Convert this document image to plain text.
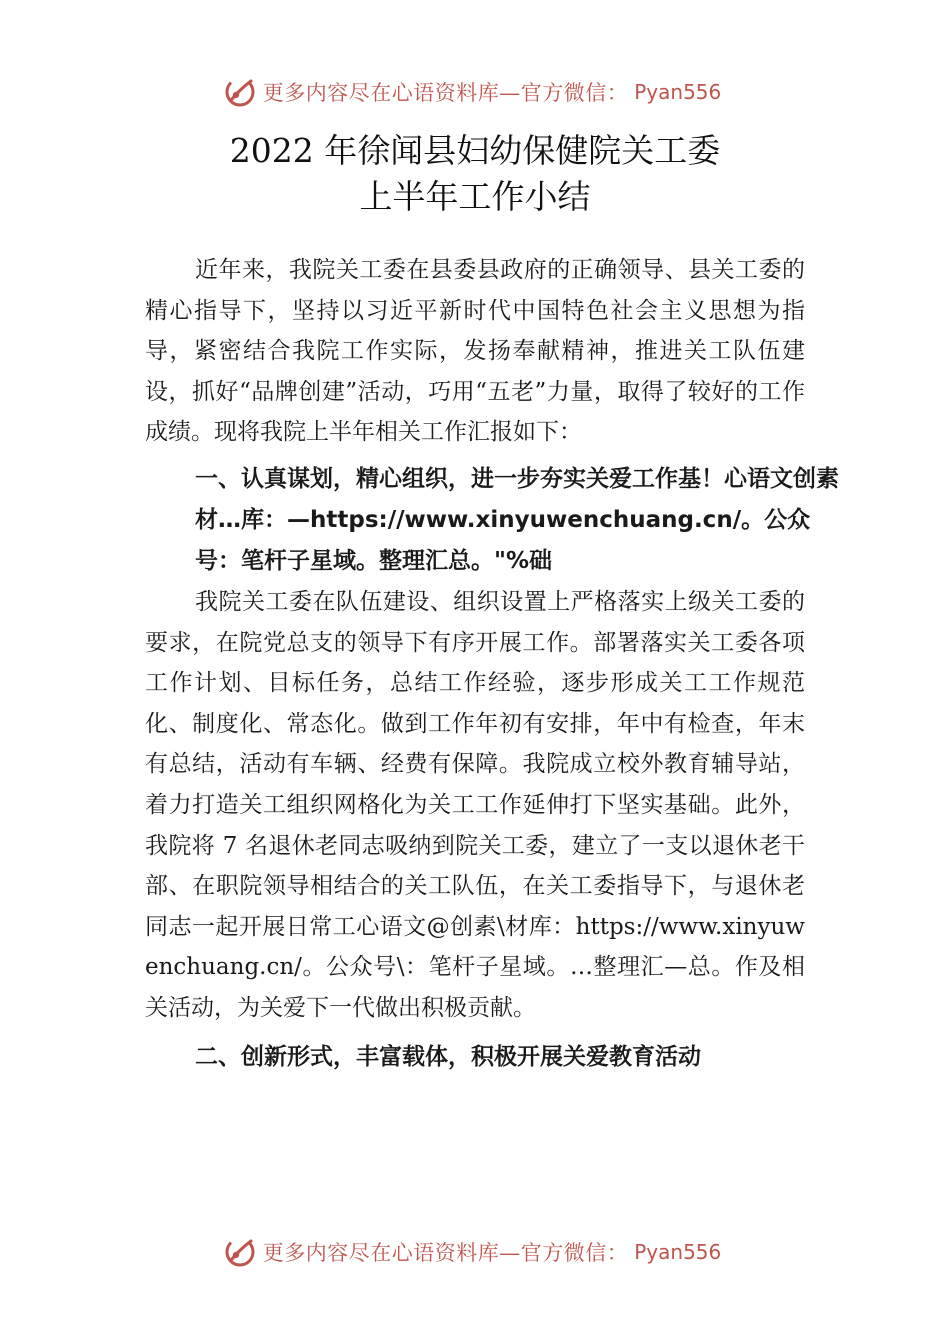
更多内容尽在心语资料库—官方微信： Pyan556
2022 年徐闻县妇幼保健院关工委
上半年工作小结

近年来，我院关工委在县委县政府的正确领导、县关工委的精心指导下，坚持以习近平新时代中国特色社会主义思想为指导，紧密结合我院工作实际，发扬奉献精神，推进关工队伍建设，抓好“品牌创建”活动，巧用“五老”力量，取得了较好的工作成绩。现将我院上半年相关工作汇报如下：

一、认真谋划，精心组织，进一步夯实关爱工作基！心语文创素材…库：—https://www.xinyuwenchuang.cn/。公众号：笔杆子星域。整理汇总。"%础

我院关工委在队伍建设、组织设置上严格落实上级关工委的要求，在院党总支的领导下有序开展工作。部署落实关工委各项工作计划、目标任务，总结工作经验，逐步形成关工工作规范化、制度化、常态化。做到工作年初有安排，年中有检查，年末有总结，活动有车辆、经费有保障。我院成立校外教育辅导站，着力打造关工组织网格化为关工工作延伸打下坚实基础。此外，我院将 7 名退休老同志吸纳到院关工委，建立了一支以退休老干部、在职院领导相结合的关工队伍，在关工委指导下，与退休老同志一起开展日常工心语文@创素\材库：https://www.xinyuwenchuang.cn/。公众号\：笔杆子星域。…整理汇—总。作及相关活动，为关爱下一代做出积极贡献。

二、创新形式，丰富载体，积极开展关爱教育活动

更多内容尽在心语资料库—官方微信： Pyan556
